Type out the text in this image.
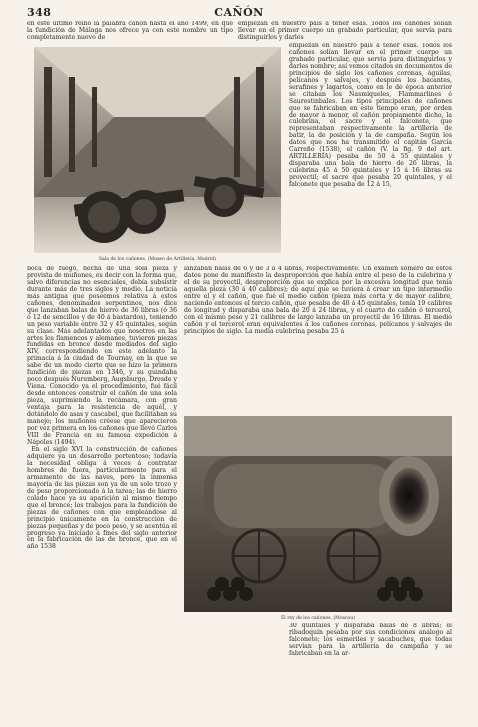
348	CAÑÓN

en este último reino la palabra cañón hasta el año 1499, en que la fundición de Málaga nos ofrece ya con este nombre un tipo completamente nuevo de

empiezan en nuestro país á tener esas. Todos los cañones solían llevar en el primer cuerpo un grabado particular, que servía para distinguirlos y darles

Sala de los cañones. (Museo de Artillería. Madrid)

empiezan en nuestro país á tener esas. Todos los cañones solían llevar en el primer cuerpo un grabado particular, que servía para distinguirlos y darles nombre; así vemos citados en documentos de principios de siglo los cañones coronas, águilas, pelícanos y salvajes, y después los bacantes, serafines y lagartos, como en le de época anterior se citaban los Nasmiqueles, Flammarlines ó Saurestinbales. Los tipos principales de cañones que se fabricaban en este tiempo eran, por orden de mayor á menor, el cañón propiamente dicho, la culebrina, el sacre y el falconete, que representaban respectivamente la artillería de batir, la de posición y la de campaña. Según los datos que nos ha transmitido el capitán García Carreño (1538), el cañón (V. la fig. 9 del art. ARTILLERÍA) pesaba de 50 á 55 quintales y disparaba una bala de hierro de 26 libras, la culebrina 45 á 50 quintales y 15 á 16 libras su proyectil; el sacre que pesaba 20 quintales, y el falconete que pesaba de 12 á 15,

boca de fuego, hecha de una sola pieza y provista de muñones, es decir con la forma que, salvo diferencias no esenciales, debía subsistir durante más de tres siglos y medio. La noticia más antigua que poseemos relativa á estos cañones, denominados serpentinos, nos dice que lanzaban balas de hierro de 36 libras (ó 36 ó 12 de sencillos y de 40 á bastardos), teniendo un peso variable entre 32 y 45 quintales, según su clase. Más adelantados que nosotros en las artes los flamencos y alemanes, tuvieron piezas fundidas en bronce desde mediados del siglo XIV, correspondiendo en este adelanto la primacía á la ciudad de Tournay, en la que se sabe de un modo cierto que se hizo la primera fundición de piezas en 1346, y su guindaba poco después Nuremberg, Augsburgo, Dresde y Viena. Conocido ya el procedimiento, fué fácil desde entonces construir el cañón de una sola pieza, suprimiendo la recámara, con gran ventaja para la resistencia de aquél, y dotándolo de asas y cascabel, que facilitaban su manejo; los muñones créese que aparecieron por vez primera en los cañones que llevó Carlos VIII de Francia en su famosa expedición á Nápoles (1494).

En el siglo XVI la construcción de cañones adquiere ya un desarrollo portentoso; todavía la necesidad obliga á veces á contratar hombres de fuera, particularmente para el armamento de las naves, pero la inmensa mayoría de las piezas son ya de un solo trozo y de peso proporcionado á la tarea; las de hierro colado hace ya su aparición al mismo tiempo que el bronce; los trabajos para la fundición de piezas de cañones con que empleándose al principio únicamente en la construcción de piezas pequeñas y de poco peso, y se acentúa el progreso ya iniciado á fines del siglo anterior en la fabricación de las de bronce, que en el año 1538

lanzaban balas de 6 y de 3 á 4 libras, respectivamente. Un examen somero de estos datos pone de manifiesto la desproporción que había entre el peso de la culebrina y el de su proyectil, desproporción que se explica por la excesiva longitud que tenía aquella pieza (30 á 40 calibres); de aquí que se tuviera á crear un tipo intermedio entre el y el cañón, que fué el medio cañón (pieza más corta y de mayor calibre, naciendo entonces el tercio cañón, que pesaba de 40 á 45 quintales, tenía 19 calibres de longitud y disparaba una bala de 20 á 24 libras, y el cuarto de cañón ó tercerol, con el mismo peso y 21 calibres de largo lanzaba un proyectil de 16 libras. El medio cañón y el tercerol eran equivalentes á los cañones coronas, pelícanos y salvajes de principios de siglo. La media culebrina pesaba 25 á

El rey de los cañones. (Moscou)

30 quintales y disparaba balas de 8 libras; el ribadoquín pesaba por sus condiciones análogo al falconete; los esmeriles y sacabuches, que todas servían para la artillería de campaña y se fabricaban en la ar-
